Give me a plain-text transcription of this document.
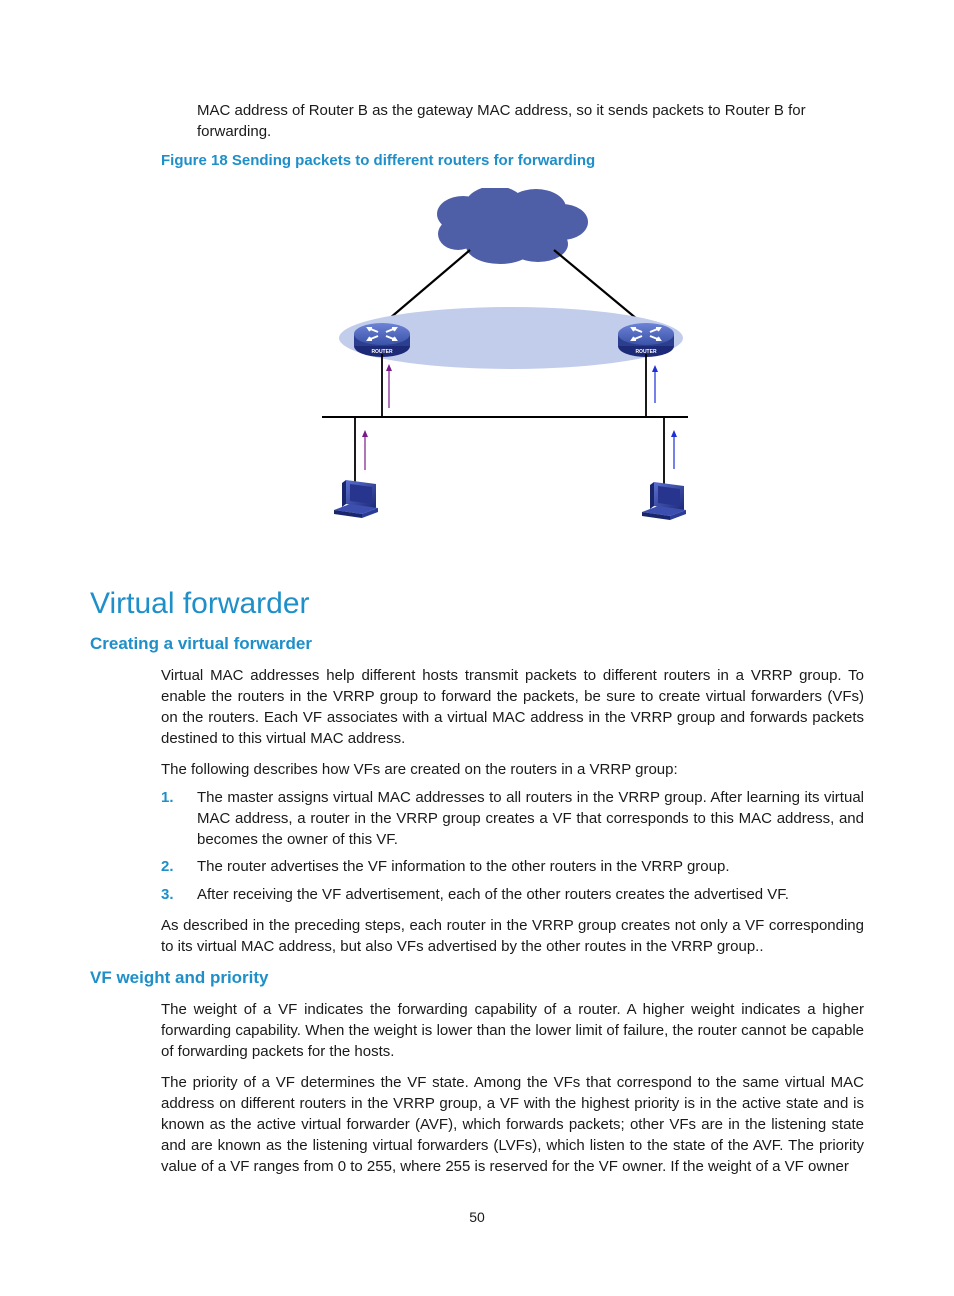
MAC address of Router B as the gateway MAC address, so it sends packets to Router B for forwarding.
Figure 18 Sending packets to different routers for forwarding
ROUTER	ROUTER
Virtual forwarder
Creating a virtual forwarder
Virtual MAC addresses help different hosts transmit packets to different routers in a VRRP group. To enable the routers in the VRRP group to forward the packets, be sure to create virtual forwarders (VFs) on the routers. Each VF associates with a virtual MAC address in the VRRP group and forwards packets destined to this virtual MAC address.
The following describes how VFs are created on the routers in a VRRP group:
1.	The master assigns virtual MAC addresses to all routers in the VRRP group. After learning its virtual MAC address, a router in the VRRP group creates a VF that corresponds to this MAC address, and becomes the owner of this VF.
2.	The router advertises the VF information to the other routers in the VRRP group.
3.	After receiving the VF advertisement, each of the other routers creates the advertised VF.
As described in the preceding steps, each router in the VRRP group creates not only a VF corresponding to its virtual MAC address, but also VFs advertised by the other routes in the VRRP group..
VF weight and priority
The weight of a VF indicates the forwarding capability of a router. A higher weight indicates a higher forwarding capability. When the weight is lower than the lower limit of failure, the router cannot be capable of forwarding packets for the hosts.
The priority of a VF determines the VF state. Among the VFs that correspond to the same virtual MAC address on different routers in the VRRP group, a VF with the highest priority is in the active state and is known as the active virtual forwarder (AVF), which forwards packets; other VFs are in the listening state and are known as the listening virtual forwarders (LVFs), which listen to the state of the AVF. The priority value of a VF ranges from 0 to 255, where 255 is reserved for the VF owner. If the weight of a VF owner
50
